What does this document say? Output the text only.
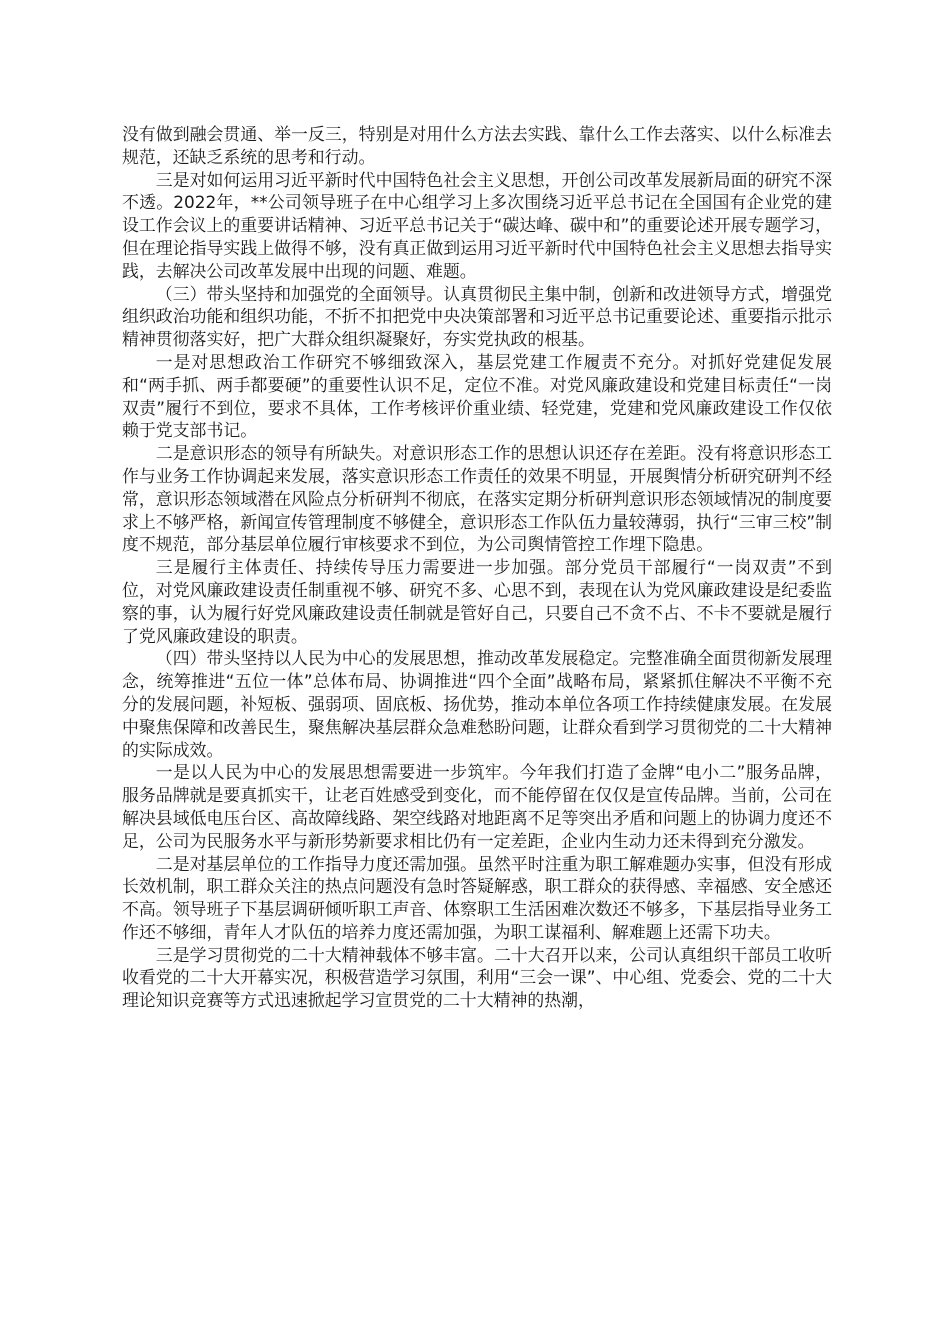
没有做到融会贯通、举一反三，特别是对用什么方法去实践、靠什么工作去落实、以什么标准去规范，还缺乏系统的思考和行动。

三是对如何运用习近平新时代中国特色社会主义思想，开创公司改革发展新局面的研究不深不透。2022年，**公司领导班子在中心组学习上多次围绕习近平总书记在全国国有企业党的建设工作会议上的重要讲话精神、习近平总书记关于“碳达峰、碳中和”的重要论述开展专题学习，但在理论指导实践上做得不够，没有真正做到运用习近平新时代中国特色社会主义思想去指导实践，去解决公司改革发展中出现的问题、难题。

（三）带头坚持和加强党的全面领导。认真贯彻民主集中制，创新和改进领导方式，增强党组织政治功能和组织功能，不折不扣把党中央决策部署和习近平总书记重要论述、重要指示批示精神贯彻落实好，把广大群众组织凝聚好，夯实党执政的根基。

一是对思想政治工作研究不够细致深入，基层党建工作履责不充分。对抓好党建促发展和“两手抓、两手都要硬”的重要性认识不足，定位不准。对党风廉政建设和党建目标责任“一岗双责”履行不到位，要求不具体，工作考核评价重业绩、轻党建，党建和党风廉政建设工作仅依赖于党支部书记。

二是意识形态的领导有所缺失。对意识形态工作的思想认识还存在差距。没有将意识形态工作与业务工作协调起来发展，落实意识形态工作责任的效果不明显，开展舆情分析研究研判不经常，意识形态领域潜在风险点分析研判不彻底，在落实定期分析研判意识形态领域情况的制度要求上不够严格，新闻宣传管理制度不够健全，意识形态工作队伍力量较薄弱，执行“三审三校”制度不规范，部分基层单位履行审核要求不到位，为公司舆情管控工作埋下隐患。

三是履行主体责任、持续传导压力需要进一步加强。部分党员干部履行“一岗双责”不到位，对党风廉政建设责任制重视不够、研究不多、心思不到，表现在认为党风廉政建设是纪委监察的事，认为履行好党风廉政建设责任制就是管好自己，只要自己不贪不占、不卡不要就是履行了党风廉政建设的职责。

（四）带头坚持以人民为中心的发展思想，推动改革发展稳定。完整准确全面贯彻新发展理念，统筹推进“五位一体”总体布局、协调推进“四个全面”战略布局，紧紧抓住解决不平衡不充分的发展问题，补短板、强弱项、固底板、扬优势，推动本单位各项工作持续健康发展。在发展中聚焦保障和改善民生，聚焦解决基层群众急难愁盼问题，让群众看到学习贯彻党的二十大精神的实际成效。

一是以人民为中心的发展思想需要进一步筑牢。今年我们打造了金牌“电小二”服务品牌，服务品牌就是要真抓实干，让老百姓感受到变化，而不能停留在仅仅是宣传品牌。当前，公司在解决县域低电压台区、高故障线路、架空线路对地距离不足等突出矛盾和问题上的协调力度还不足，公司为民服务水平与新形势新要求相比仍有一定差距，企业内生动力还未得到充分激发。

二是对基层单位的工作指导力度还需加强。虽然平时注重为职工解难题办实事，但没有形成长效机制，职工群众关注的热点问题没有急时答疑解惑，职工群众的获得感、幸福感、安全感还不高。领导班子下基层调研倾听职工声音、体察职工生活困难次数还不够多，下基层指导业务工作还不够细，青年人才队伍的培养力度还需加强，为职工谋福利、解难题上还需下功夫。

三是学习贯彻党的二十大精神载体不够丰富。二十大召开以来，公司认真组织干部员工收听收看党的二十大开幕实况，积极营造学习氛围，利用“三会一课”、中心组、党委会、党的二十大理论知识竞赛等方式迅速掀起学习宣贯党的二十大精神的热潮，
